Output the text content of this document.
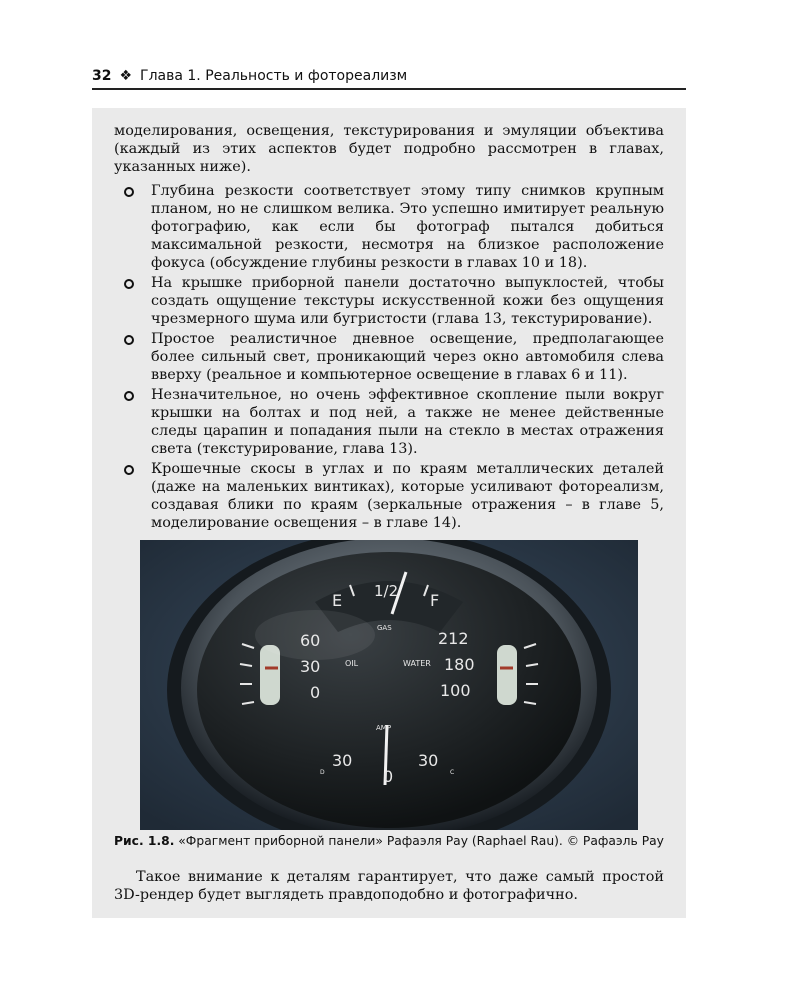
32 ❖ Глава 1. Реальность и фотореализм

моделирования, освещения, текстурирования и эмуляции объектива (каждый из этих аспектов будет подробно рассмотрен в главах, указанных ниже).

Глубина резкости соответствует этому типу снимков крупным планом, но не слишком велика. Это успешно имитирует реальную фотографию, как если бы фотограф пытался добиться максимальной резкости, несмотря на близкое расположение фокуса (обсуждение глубины резкости в главах 10 и 18).
На крышке приборной панели достаточно выпуклостей, чтобы создать ощущение текстуры искусственной кожи без ощущения чрезмерного шума или бугристости (глава 13, текстурирование).
Простое реалистичное дневное освещение, предполагающее более сильный свет, проникающий через окно автомобиля слева вверху (реальное и компьютерное освещение в главах 6 и 11).
Незначительное, но очень эффективное скопление пыли вокруг крышки на болтах и под ней, а также не менее действенные следы царапин и попадания пыли на стекло в местах отражения света (текстурирование, глава 13).
Крошечные скосы в углах и по краям металлических деталей (даже на маленьких винтиках), которые усиливают фотореализм, создавая блики по краям (зеркальные отражения – в главе 5, моделирование освещения – в главе 14).
E 1/2 F
GAS
60
30
0
OIL	WATER
212
180
100
AMP
30
0
30
D	C
Рис. 1.8. «Фрагмент приборной панели» Рафаэля Рау (Raphael Rau). © Рафаэль Рау

Такое внимание к деталям гарантирует, что даже самый простой 3D-рендер будет выглядеть правдоподобно и фотографично.
